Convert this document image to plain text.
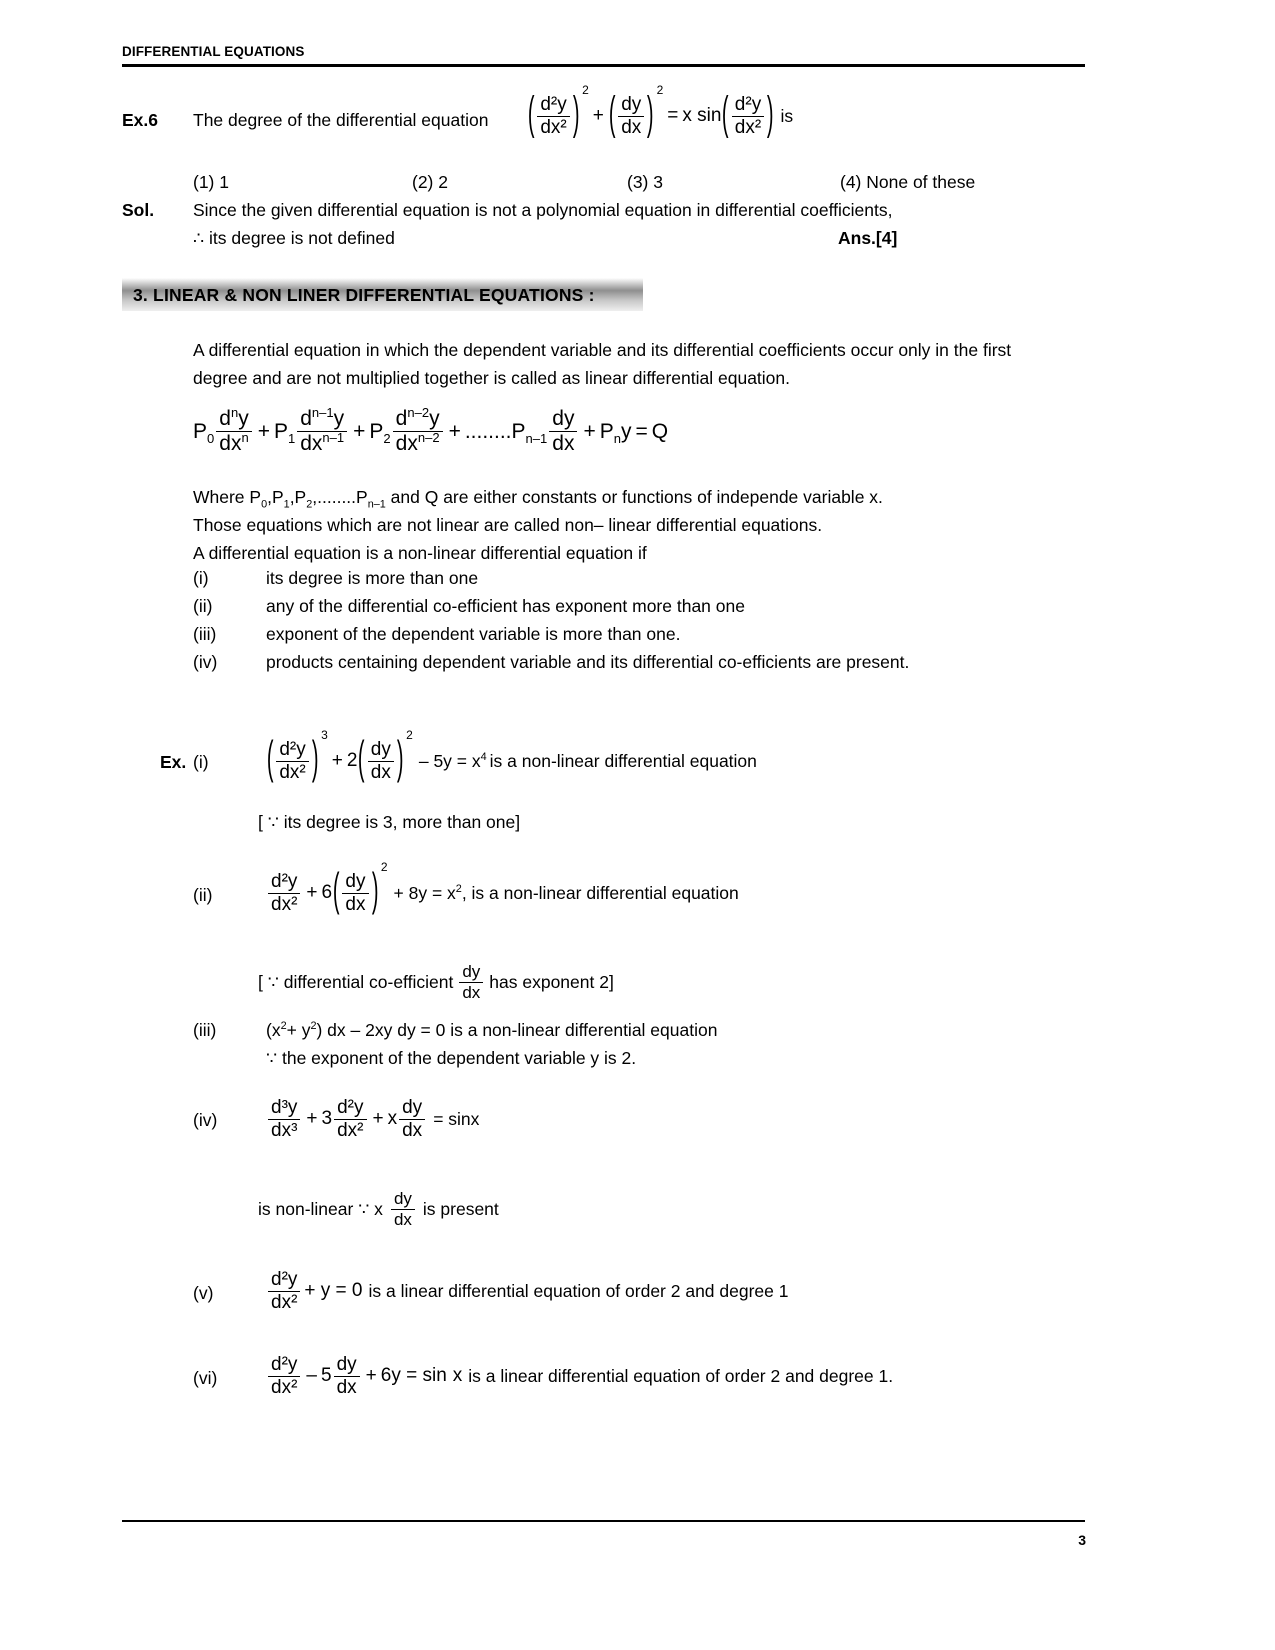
DIFFERENTIAL EQUATIONS
Ex.6 The degree of the differential equation ( $\frac{\text{d²y}}{\text{dx²}}$ ) 2
+ ( $\frac{dy}{dx}$ ) 2
= x sin ( $\frac{\text{d²y}}{\text{dx²}}$ ) is
(1) 1	(2) 2	(3) 3	(4) None of these
Sol. Since the given differential equation is not a polynomial equation in differential coefficients,
∴ its degree is not defined	Ans.[4]
3. LINEAR & NON LINER DIFFERENTIAL EQUATIONS :
A differential equation in which the dependent variable and its differential coefficients occur only in the first
degree and are not multiplied together is called as linear differential equation.
$P_0 \frac{d^ny}{dx^n} + P_1 \frac{d^{n-1}y}{dx^{n-1}} + P_2 \frac{d^{n-2}y}{dx^{n-2}}$ + ........ $P_{n-1} \frac{dy}{dx} + P_n$ y = Q
Where $P_0,P_1,P_2,........P_{n-1}$ and Q are either constants or functions of independe variable x.
Those equations which are not linear are called non– linear differential equations.
A differential equation is a non-linear differential equation if
(i)	its degree is more than one
(ii)	any of the differential co-efficient has exponent more than one
(iii)	exponent of the dependent variable is more than one.
(iv)	products centaining dependent variable and its differential co-efficients are present.
Ex. (i)	( $\frac{\text{d²y}}{\text{dx²}}$ ) 3
+ 2 ( $\frac{dy}{dx}$ ) 2
– $5y = x^4$ is a non-linear differential equation
[ ∵ its degree is 3, more than one]
(ii)	$\frac{\text{d²y}}{\text{dx²}} + 6$ ( $\frac{dy}{dx}$ ) 2
+ $8y = x^2$, is a non-linear differential equation
[ ∵ differential co-efficient $\frac{dy}{dx}$ has exponent 2]
(iii)	$(x^2+ y^2)$ dx – 2xy dy = 0 is a non-linear differential equation
∵ the exponent of the dependent variable y is 2.
(iv)	$\frac{\text{d³y}}{\text{dx³}} + 3 \frac{\text{d²y}}{\text{dx²}} + x \frac{dy}{dx} = \sin x$
is non-linear ∵ x $\frac{dy}{dx}$ is present
(v)	$\frac{\text{d²y}}{\text{dx²}} + y = 0$ is a linear differential equation of order 2 and degree 1
(vi)	$\frac{\text{d²y}}{\text{dx²}} - 5 \frac{dy}{dx} + 6y = \sin x$ is a linear differential equation of order 2 and degree 1.
3
